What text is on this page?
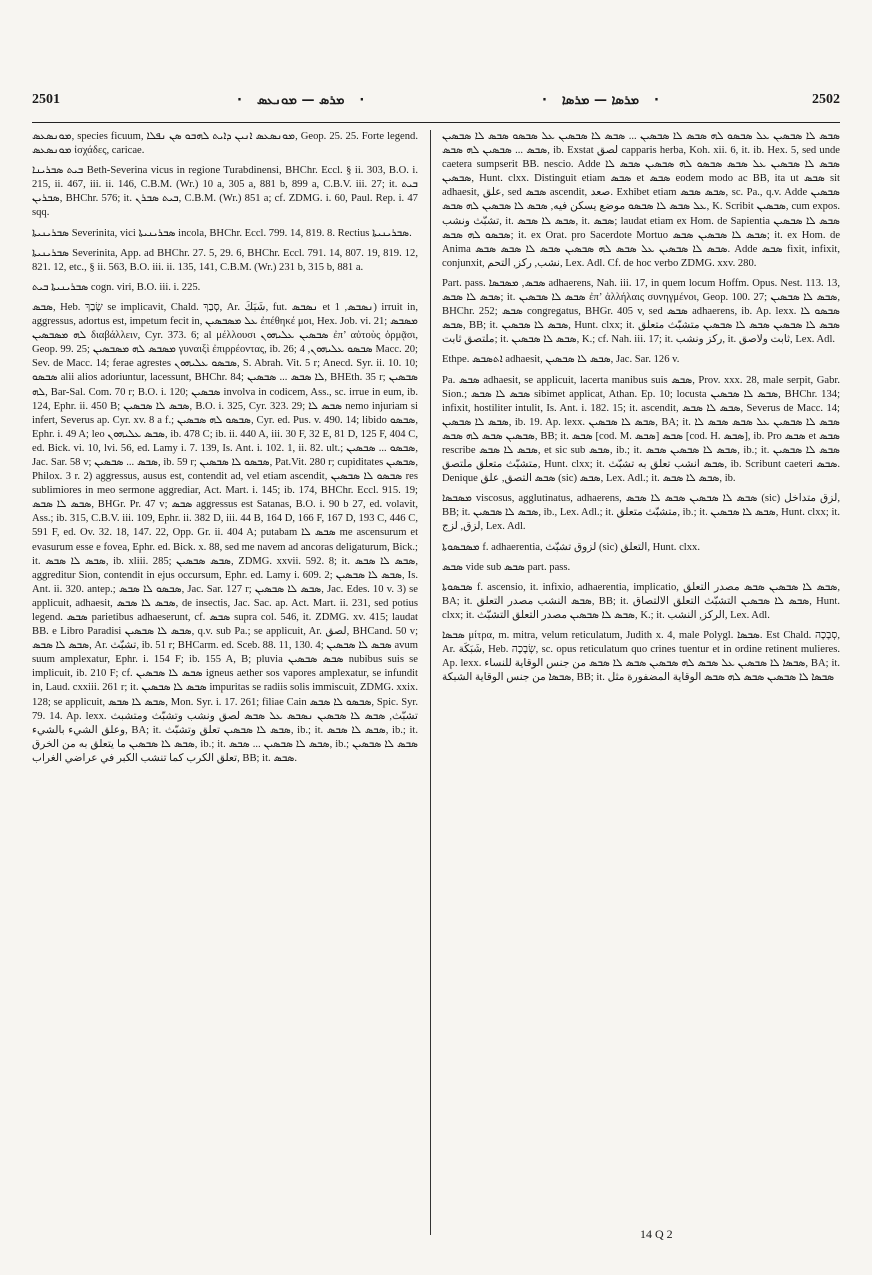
2501	· ܡܪܣ — ܡܘܢܥܣ ·	· ܡܪܣܐ — ܡܪܣܐ ·	2502

ܡܘܢܣܥܣ, species ficuum, ܡܘܢܣܥܣ ܐܢܝܢ ܕܐܝܬ ܠܗܒܘ ܣܢ ܢܦܠܐ, Geop. 25. 25. Forte legend. ܡܘܢܣܥܣ ἰσχάδες, caricae.

ܒܝܬ ܣܒܪܝܢܐ Beth-Severina vicus in regione Turabdinensi, BHChr. Eccl. § ii. 303, B.O. i. 215, ii. 467, iii. ii. 146, C.B.M. (Wr.) 10 a, 305 a, 881 b, 899 a, C.B.V. iii. 27; it. ܒܝܬ ܣܒܪܝܢ, BHChr. 576; it. ܒܝܬ ܣܒܪܢ, C.B.M. (Wr.) 851 a; cf. ZDMG. i. 60, Paul. Rep. i. 47 sqq.

ܣܒܪܝܢܝܬܐ Severinita, vici ܣܒܪܝܢܝܬܐ incola, BHChr. Eccl. 799. 14, 819. 8. Rectius ܣܒܪܝܢܝܬܐ.

ܣܒܪܝܢܝܬܐ Severinita, App. ad BHChr. 27. 5, 29. 6, BHChr. Eccl. 791. 14, 807. 19, 819. 12, 821. 12, etc., § ii. 563, B.O. iii. ii. 135, 141, C.B.M. (Wr.) 231 b, 315 b, 881 a.

ܣܒܪܝܢܝܬܐ ܒܝܬ cogn. viri, B.O. iii. i. 225.

ܣܒܣ, Heb. שָׂבַךְ se implicavit, Chald. סְבַךְ, Ar. شَبَكَ, fut. ܢܣܒܣ et ܢܣܒܣ, 1) irruit in, aggressus, adortus est, impetum fecit in, ܥܠ ܡܣܒܣܝܢ ἐπέθηκέ μοι, Hex. Job. vi. 21; ܡܣܒܣ ܠܗ ܡܣܒܣܝܢ διαβάλλειν, Cyr. 373. 6; al μέλλουσι ܣܒܣܝܢ ܥܠܝܗܘܢ ἐπ’ αὐτοὺς ὁρμᾷσι, Geop. 99. 25; ܡܣܒܣ ܠܗ ܡܣܒܣܝܢ γυναιξὶ ἐπιρρέοντας, ib. 26; ܣܒܣܘ ܥܠܝܗܘܢ, 4 Macc. 20; Sev. de Macc. 14; ferae agrestes ܣܒܣܘ ܥܠܝܗܘܢ, S. Abrah. Vit. 5 r; Anecd. Syr. ii. 10. 10; ܣܒܣܘ alii alios adoriuntur, lacessunt, BHChr. 84; ܠܐ ܣܒܣ ... ܣܒܣܝܢ, BHEth. 35 r; ܣܒܣܝܢ ܠܗ, Bar-Sal. Com. 70 r; B.O. i. 120; ܣܒܣܝܢ involva in codicem, Ass., sc. irrue in eum, ib. 124, Ephr. ii. 450 B; ܣܒܣ ܠܐ ܣܒܣܝܢ, B.O. i. 325, Cyr. 323. 29; ܣܒܣ ܠܐ nemo injuriam si infert, Severus ap. Cyr. xv. 8 a f.; ܣܒܣܘ ܠܗ ܣܒܣܝܢ, Cyr. ed. Pus. v. 490. 14; libido ܣܒܣܘ, Ephr. i. 49 A; leo ܣܒܣ ܥܠܝܗܘܢ, ib. 478 C; ib. ii. 440 A, iii. 30 F, 32 E, 81 D, 125 F, 404 C, ed. Bick. vi. 10, lvi. 56, ed. Lamy i. 7. 139, Is. Ant. i. 102. 1, ii. 82. ult.; ܣܒܣܘ ... ܣܒܣܝܢ, Jac. Sar. 58 v; ܣܒܣ ... ܣܒܣܝܢ, ib. 59 r; ܣܒܣܘ ܠܐ ܣܒܣܝܢ, Pat.Vit. 280 r; cupiditates ܣܒܣܝܢ, Philox. 3 r. 2) aggressus, ausus est, contendit ad, vel etiam ascendit, ܣܒܣܘ ܠܐ ܣܒܣܝܢ res sublimiores in meo sermone aggrediar, Act. Mart. i. 145; ib. 174, BHChr. Eccl. 915. 19; ܣܒܣ ܠܐ ܣܒܣ, BHGr. Pr. 47 v; ܣܒܣ aggressus est Satanas, B.O. i. 90 b 27, ed. volavit, Ass.; ib. 315, C.B.V. iii. 109, Ephr. ii. 382 D, iii. 44 B, 164 D, 166 F, 167 D, 193 C, 446 C, 591 F, ed. Ov. 32. 18, 147. 22, Opp. Gr. ii. 404 A; putabam ܣܒܣ ܠܐ me ascensurum et evasurum esse e fovea, Ephr. ed. Bick. x. 88, sed me navem ad ancoras deligaturum, Bick.; it. ܣܒܣ ܠܐ ܣܒܣ, ib. xliii. 285; ܣܒܣ ܣܒܣܝܢ, ZDMG. xxvii. 592. 8; it. ܣܒܣ ܠܐ ܣܒܣ, aggreditur Sion, contendit in ejus occursum, Ephr. ed. Lamy i. 609. 2; ܣܒܣ ܠܐ ܣܒܣܝܢ, Is. Ant. ii. 320. antep.; ܣܒܣܘ ܠܐ ܣܒܣ, Jac. Sar. 127 r; ܣܒܣ ܠܐ ܣܒܣܝܢ, Jac. Edes. 10 v. 3) se applicuit, adhaesit, ܣܒܣ ܠܐ ܣܒܣ, de insectis, Jac. Sac. ap. Act. Mart. ii. 231, sed potius legend. ܣܒܣ parietibus adhaeserunt, cf. ܣܒܣ supra col. 546, it. ZDMG. xv. 415; laudat BB. e Libro Paradisi ܣܒܣ ܠܐ ܣܒܣܝܢ, q.v. sub Pa.; se applicuit, Ar. لصق, BHCand. 50 v; ܣܒܣ ܠܐ ܣܒܣ, Ar. تشبّث, ib. 51 r; BHCarm. ed. Sceb. 88. 11, 130. 4; ܣܒܣ ܠܐ ܣܒܣܝܢ avum suum amplexatur, Ephr. i. 154 F; ib. 155 A, B; pluvia ܣܒܣ ܣܒܣܝܢ nubibus suis se implicuit, ib. 210 F; cf. ܣܒܣ ܠܐ ܣܒܣܝܢ igneus aether sos vapores amplexatur, se infundit in, Laud. cxxiii. 261 r; it. ܣܒܣ ܠܐ ܣܒܣܝܢ impuritas se radiis solis immiscuit, ZDMG. xxix. 128; se applicuit, ܣܒܣ ܠܐ ܣܒܣ, Mon. Syr. i. 17. 261; filiae Cain ܣܒܣܘ ܠܐ ܣܒܣ, Spic. Syr. 79. 14. Ap. lexx. تشبّث, ܣܒܣ ܠܐ ܣܒܣܝܢ ܢܣܒܣ ܥܠ ܣܒܣ لصق ونشب وتشبّث ومتشبث وعلق الشيء بالشيء, BA; it. ܣܒܣ ܠܐ ܣܒܣܝܢ تعلق وتشبّث, ib.; it. ܣܒܣ ܠܐ ܣܒܣ, ib.; it. ܣܒܣ ܠܐ ܣܒܣܝܢ ما يتعلق به من الخرق, ib.; it. ܣܒܣ ܠܐ ܣܒܣܝܢ ... ܣܒܣ, ib.; ܣܒܣ ܠܐ ܣܒܣܝܢ تعلق الكرب كما تنشب الكبر في عراضي الغراب, BB; it. ܣܒܣ.

ܣܒܣ ܠܐ ܣܒܣܝܢ ܥܠ ܣܒܣܘ ܠܗ ܣܒܣ ܠܐ ܣܒܣܝܢ ... ܣܒܣ ܠܐ ܣܒܣܝܢ ܥܠ ܣܒܣܘ ܣܒܣ ܠܐ ܣܒܣܝܢ ܣܒܣ ... ܣܒܣܝܢ ܠܗ ܣܒܣ, ib. Exstat لصق capparis herba, Koh. xii. 6, it. ib. Hex. 5, sed unde caetera sumpserit BB. nescio. Adde ܣܒܣ ܠܐ ܣܒܣܝܢ ܥܠ ܣܒܣ ܣܒܣܘ ܠܗ ܣܒܣܝܢ ܣܒܣ ܠܐ ܣܒܣܝܢ, Hunt. clxx. Distinguit etiam ܣܒܣ et ܣܒܣ eodem modo ac BB, ita ut ܣܒܣ sit adhaesit, علق, sed ܣܒܣ ascendit, صعد. Exhibet etiam ܣܒܣ ܣܒܣ, sc. Pa., q.v. Adde ܣܒܣܝܢ ܥܠ ܣܒܣ ܠܐ ܣܒܣܘ موضع يسكن فيه, ܣܒܣ ܠܐ ܣܒܣܝܢ ܠܗ ܣܒܣ, K. Scribit ܣܒܣܝܢ, cum expos. تشبّث ونشب, it. ܣܒܣ ܠܐ ܣܒܣ, it. ܣܒܣ; laudat etiam ex Hom. de Sapientia ܣܒܣ ܠܐ ܣܒܣܝܢ ܣܒܣܘ ܠܗ ܣܒܣ; it. ex Orat. pro Sacerdote Mortuo ܣܒܣ ܠܐ ܣܒܣܝܢ ܣܒܣ; it. ex Hom. de Anima ܣܒܣ ܠܐ ܣܒܣܝܢ ܥܠ ܣܒܣ ܠܗ ܣܒܣܝܢ ܣܒܣ ܠܐ ܣܒܣ ܣܒܣ. Adde ܣܒܣ fixit, infixit, conjunxit, نشب, ركز, التحم, Lex. Adl. Cf. de hoc verbo ZDMG. xxv. 280.

Part. pass. ܣܒܣ, ܡܣܒܣܐ adhaerens, Nah. iii. 17, in quem locum Hoffm. Opus. Nest. 113. 13, ܣܒܣ ܠܐ ܣܒܣ; it. ܣܒܣ ܠܐ ܣܒܣܝܢ ἐπ’ ἀλλήλαις συνηγμένοι, Geop. 100. 27; ܣܒܣ ܠܐ ܣܒܣܝܢ, BHChr. 252; ܣܒܣ congregatus, BHGr. 405 v, sed ܣܒܣ adhaerens, ib. Ap. lexx. ܣܒܣܘ ܠܐ ܣܒܣ, BB; it. ܣܒܣ ܠܐ ܣܒܣܝܢ, Hunt. clxx; it. ܣܒܣ ܠܐ ܣܒܣܝܢ ܣܒܣ ܠܐ ܣܒܣܝܢ متشبّث متعلق ملتصق ثابت; it. ܣܒܣ ܠܐ ܣܒܣܝܢ, K.; cf. Nah. iii. 17; it. ركز ونشب, it. ثابت ولاصق, Lex. Adl.

Ethpe. ܐܬܣܒܣ adhaesit, ܣܒܣ ܠܐ ܣܒܣܝܢ, Jac. Sar. 126 v.

Pa. ܣܒܣ adhaesit, se applicuit, lacerta manibus suis ܣܒܣ, Prov. xxx. 28, male serpit, Gabr. Sion.; ܣܒܣ ܠܐ ܣܒܣ sibimet applicat, Athan. Ep. 10; locusta ܣܒܣ ܠܐ ܣܒܣܝܢ, BHChr. 134; infixit, hostiliter intulit, Is. Ant. i. 182. 15; it. ascendit, ܣܒܣ ܠܐ ܣܒܣ, Severus de Macc. 14; ܣܒܣ ܠܐ ܣܒܣܝܢ, ib. 19. Ap. lexx. ܣܒܣ ܠܐ ܣܒܣܝܢ, BA; it. ܣܒܣ ܠܐ ܣܒܣܝܢ ܥܠ ܣܒܣ ܣܒܣ ܠܐ ܣܒܣܝܢ ܣܒܣ ܠܗ ܣܒܣ, BB; it. ܣܒܣ [cod. M. ܣܒܣ] ܣܒܣ [cod. H. ܣܒܣ], ib. Pro ܣܒܣ et ܣܒܣ rescribe ܣܒܣ ܠܐ ܣܒܣ, et sic sub ܣܒܣ, ib.; it. ܣܒܣ ܠܐ ܣܒܣܝܢ ܣܒܣ, ib.; it. ܣܒܣ ܠܐ ܣܒܣܝܢ متشبّث متعلق ملتصق, Hunt. clxx; it. ܣܒܣ انشب تعلق به تشبّث, ib. Scribunt caeteri ܣܒܣ. Denique ܣܒܣ التصق, علق (sic) ܣܒܣ, Lex. Adl.; it. ܣܒܣ ܠܐ ܣܒܣ, ib.

ܡܣܒܣܐ viscosus, agglutinatus, adhaerens, ܣܒܣ ܠܐ ܣܒܣܝܢ ܣܒܣ ܠܐ ܣܒܣ (sic) لزق متداخل, BB; it. ܣܒܣ ܠܐ ܣܒܣܝܢ, ib., Lex. Adl.; it. متشبّث متعلق, ib.; it. ܣܒܣ ܠܐ ܣܒܣܝܢ, Hunt. clxx; it. لزق, لزج, Lex. Adl.

ܡܣܒܣܘܬܐ f. adhaerentia, لزوق تشبّث (sic) التعلق, Hunt. clxx.

ܣܒܣ vide sub ܣܒܣ part. pass.

ܣܒܣܘܬܐ f. ascensio, it. infixio, adhaerentia, implicatio, ܣܒܣ ܠܐ ܣܒܣܝܢ ܣܒܣ مصدر التعلق, BA; it. ܣܒܣ النشب مصدر التعلق, BB; it. ܣܒܣ ܠܐ ܣܒܣܝܢ التشبّث التعلق الالتصاق, Hunt. clxx; it. ܣܒܣ ܠܐ ܣܒܣܝܢ مصدر التعلق التشبّث, K.; it. الركز, النشب, Lex. Adl.

ܣܒܣܐ μίτρα, m. mitra, velum reticulatum, Judith x. 4, male Polygl. ܣܒܣܐ. Est Chald. סְבָכָה, Ar. شَبَكَة, Heb. שְׂבָכָה, sc. opus reticulatum quo crines tuentur et in ordine retinent mulieres. Ap. lexx. ܣܒܣܐ ܠܐ ܣܒܣܝܢ ܥܠ ܣܒܣ ܠܗ ܣܒܣܝܢ ܣܒܣ ܠܐ ܣܒܣ من جنس الوقاية للنساء, BA; it. ܣܒܣܐ من جنس الوقاية الشبكة, BB; it. ܣܒܣܐ ܠܐ ܣܒܣܝܢ ܣܒܣ ܠܗ ܣܒܣ الوقاية المضفورة مثل

14 Q 2
